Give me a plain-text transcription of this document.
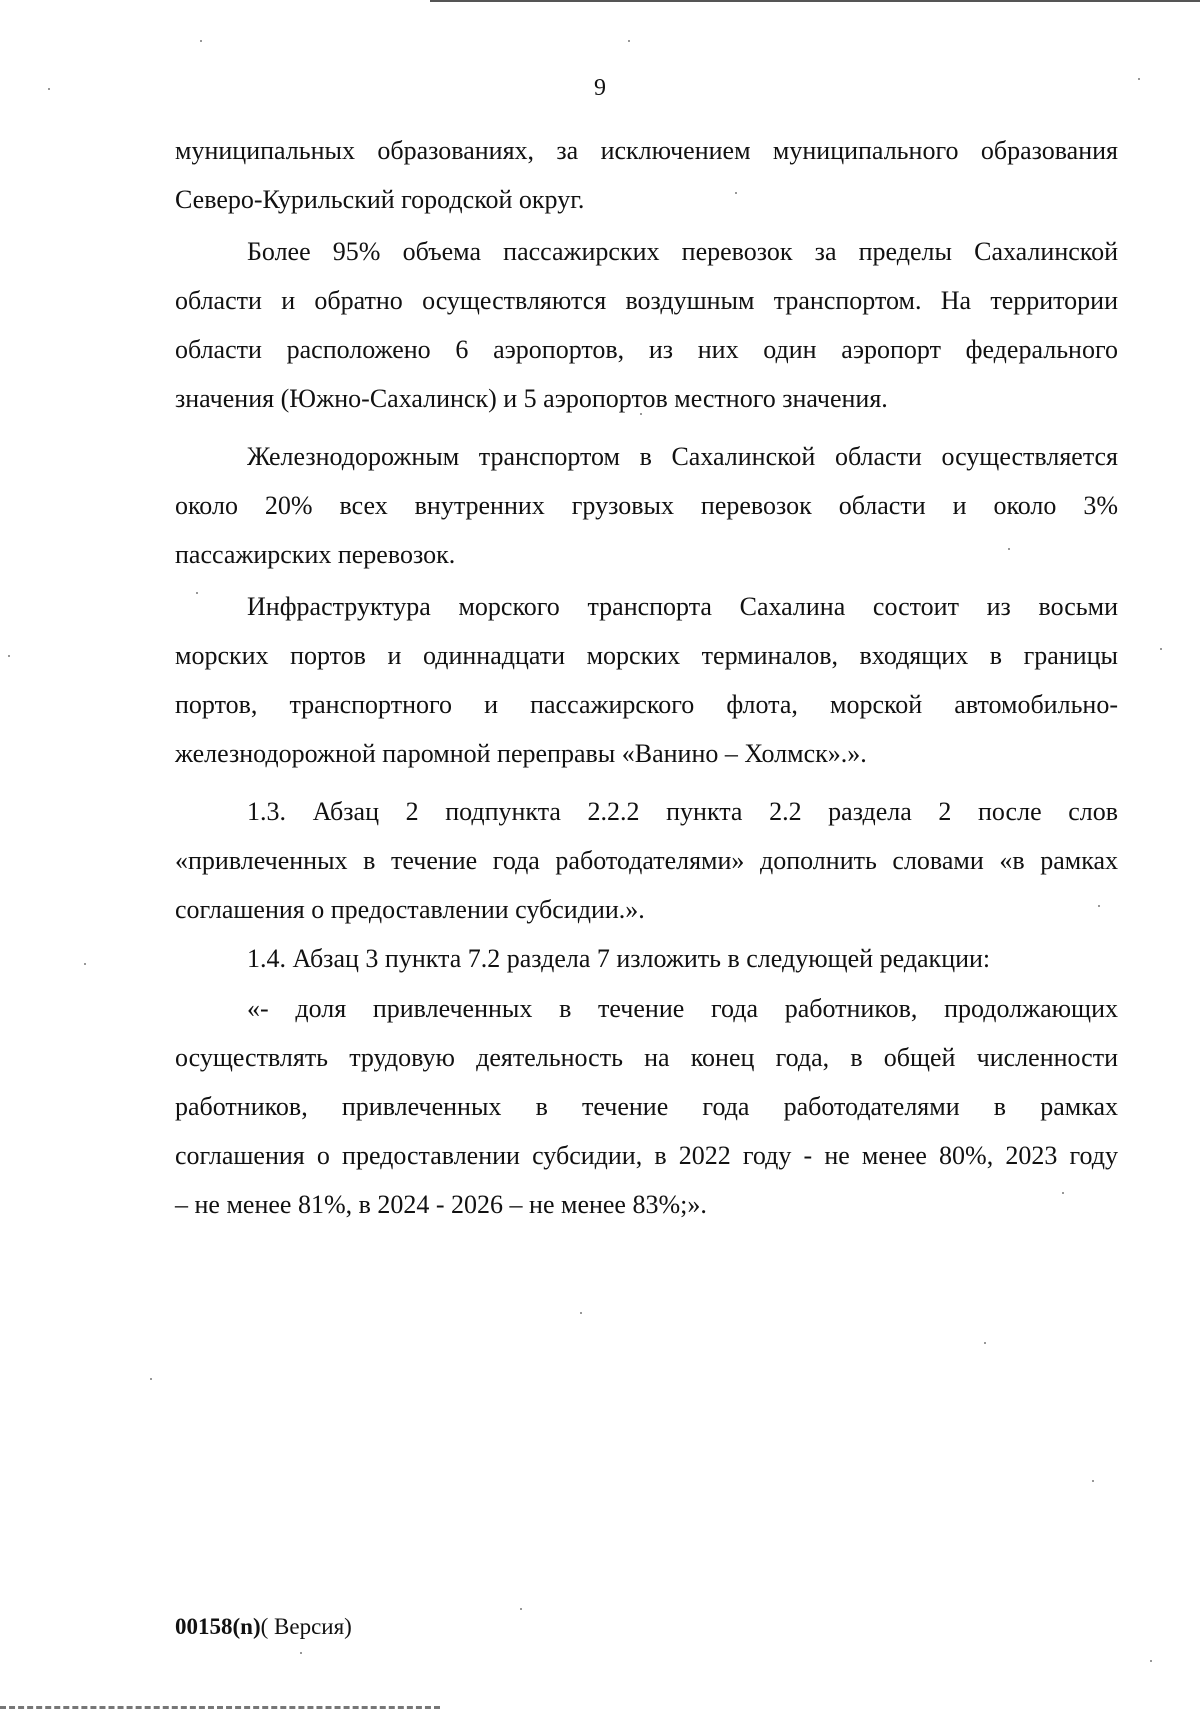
9
муниципальных образованиях, за исключением муниципального образования
Северо-Курильский городской округ.
Более 95% объема пассажирских перевозок за пределы Сахалинской
области и обратно осуществляются воздушным транспортом. На территории
области расположено 6 аэропортов, из них один аэропорт федерального
значения (Южно-Сахалинск) и 5 аэропортов местного значения.
Железнодорожным транспортом в Сахалинской области осуществляется
около 20% всех внутренних грузовых перевозок области и около 3%
пассажирских перевозок.
Инфраструктура морского транспорта Сахалина состоит из восьми
морских портов и одиннадцати морских терминалов, входящих в границы
портов, транспортного и пассажирского флота, морской автомобильно-
железнодорожной паромной переправы «Ванино – Холмск».».
1.3. Абзац 2 подпункта 2.2.2 пункта 2.2 раздела 2 после слов
«привлеченных в течение года работодателями» дополнить словами «в рамках
соглашения о предоставлении субсидии.».
1.4. Абзац 3 пункта 7.2 раздела 7 изложить в следующей редакции:
«- доля привлеченных в течение года работников, продолжающих
осуществлять трудовую деятельность на конец года, в общей численности
работников, привлеченных в течение года работодателями в рамках
соглашения о предоставлении субсидии, в 2022 году - не менее 80%, 2023 году
– не менее 81%, в 2024 - 2026 – не менее 83%;».
00158(n)( Версия)
